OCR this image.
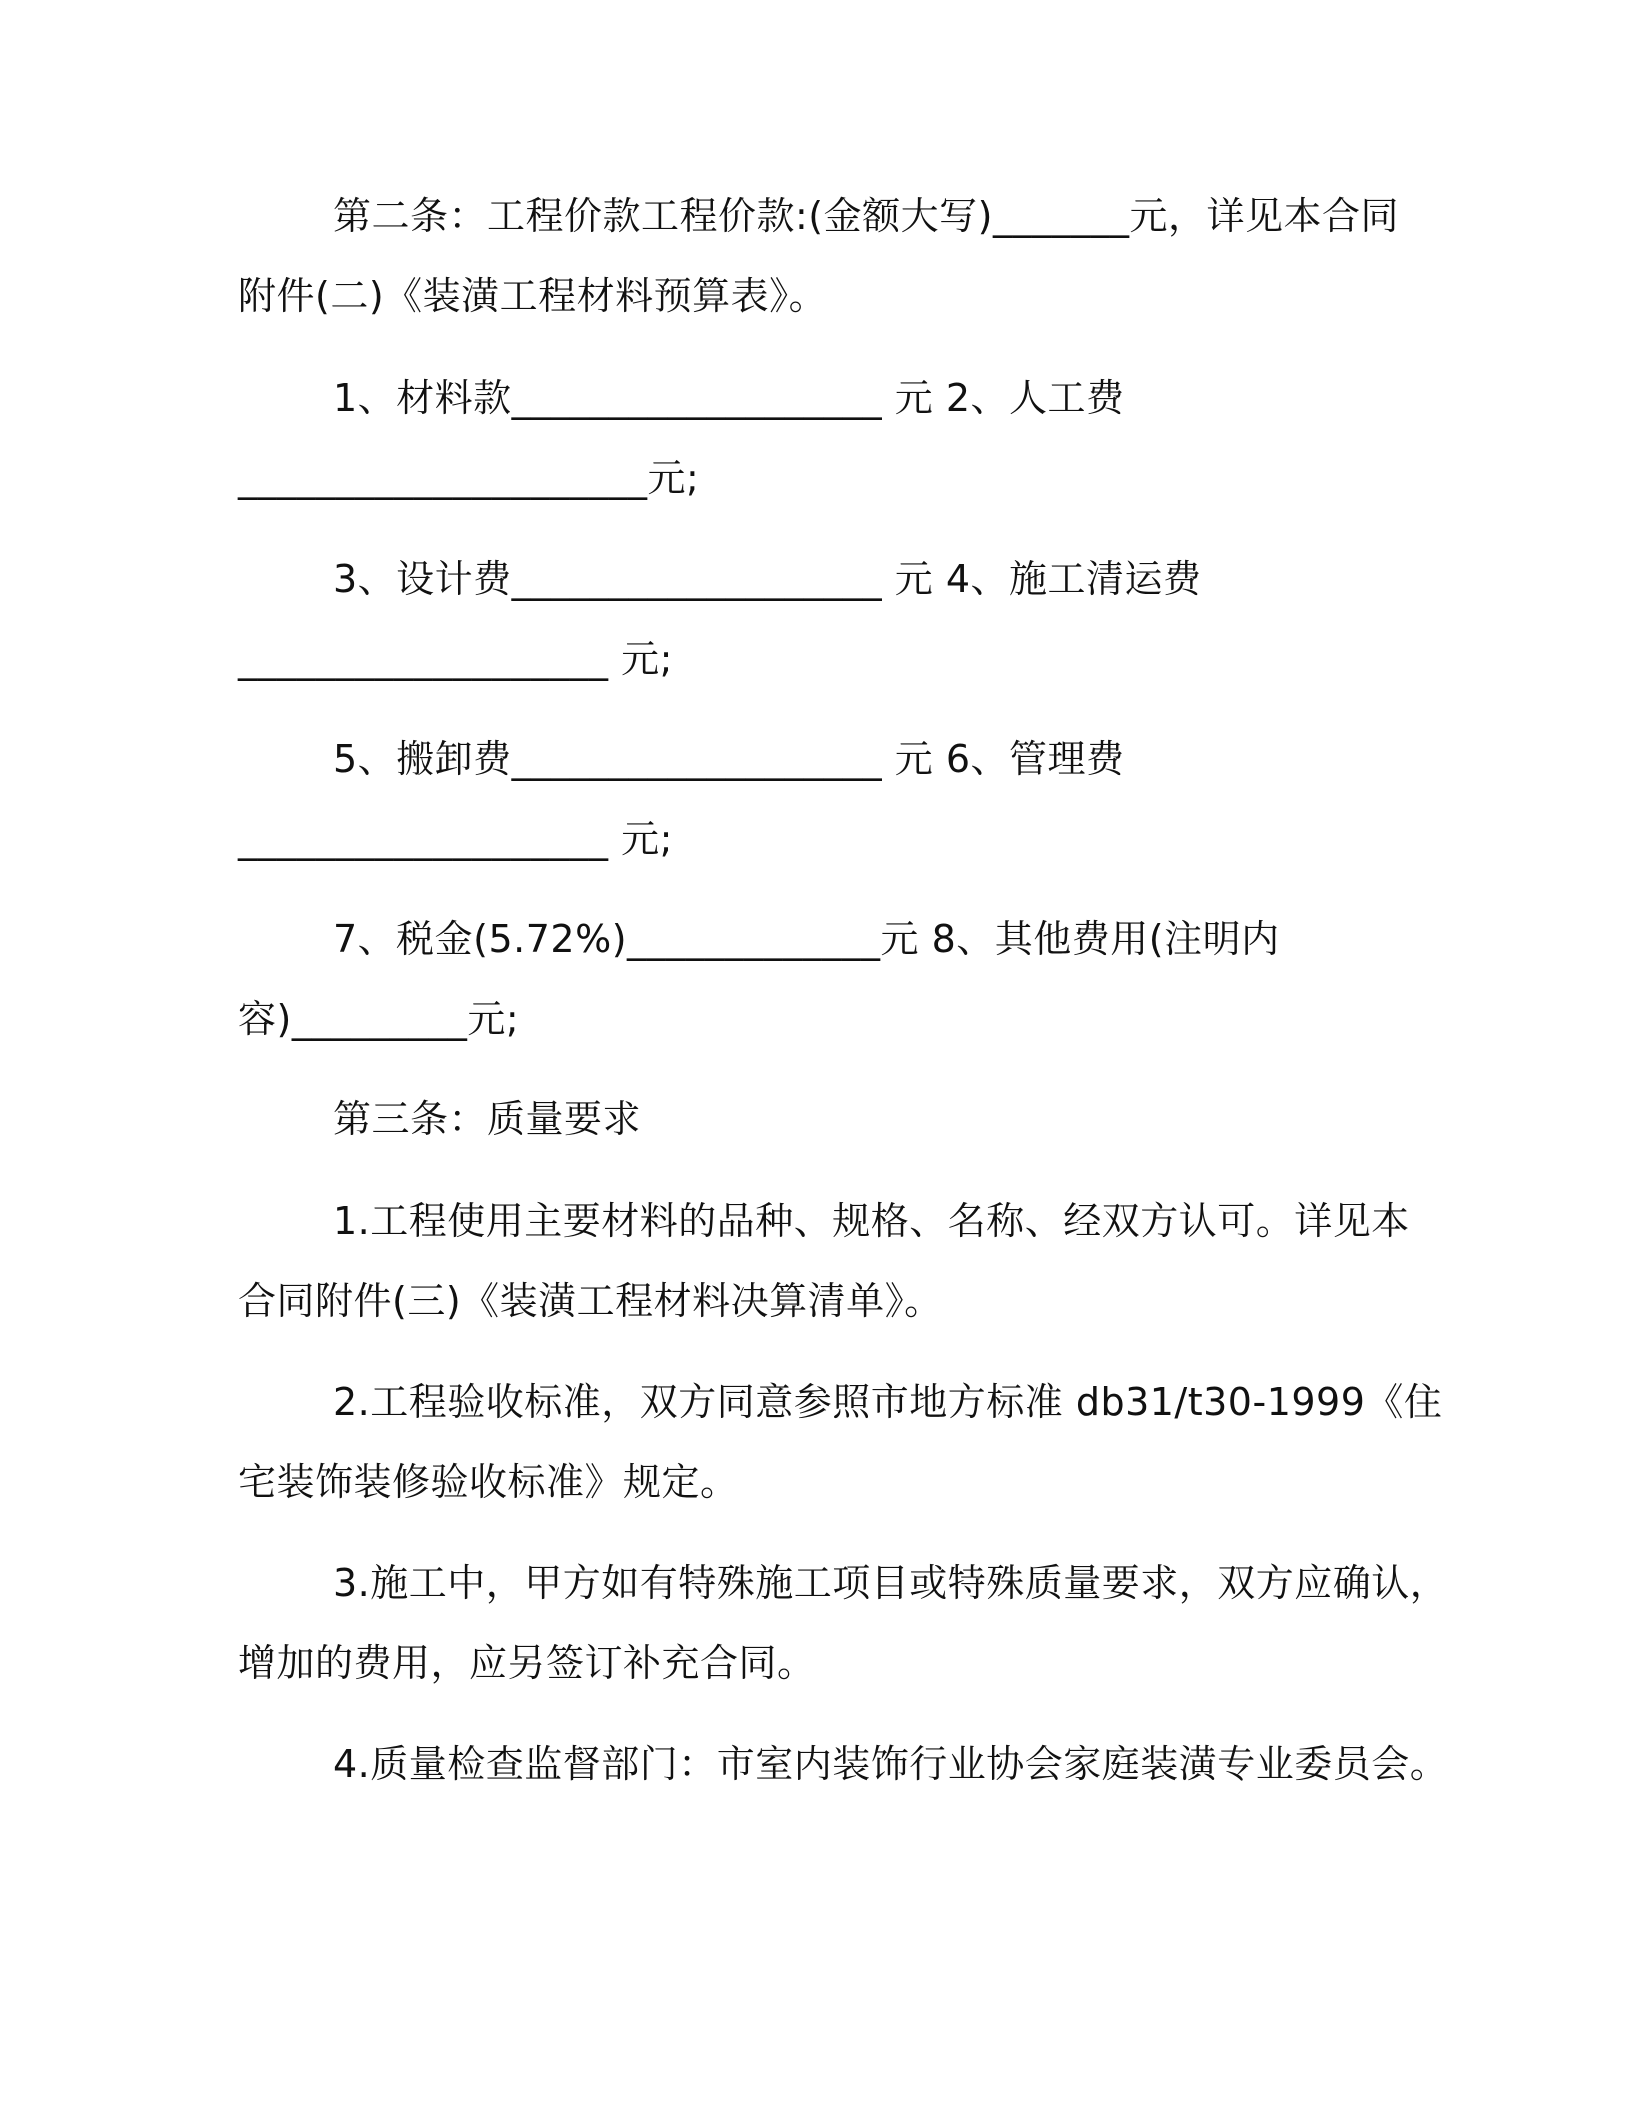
第二条：工程价款工程价款:(金额大写)_______元，详见本合同
附件(二)《装潢工程材料预算表》。
1、材料款___________________ 元 2、人工费
_____________________元;
3、设计费___________________ 元 4、施工清运费
___________________ 元;
5、搬卸费___________________ 元 6、管理费
___________________ 元;
7、税金(5.72%)_____________元 8、其他费用(注明内
容)_________元;
第三条：质量要求
1.工程使用主要材料的品种、规格、名称、经双方认可。详见本
合同附件(三)《装潢工程材料决算清单》。
2.工程验收标准，双方同意参照市地方标准 db31/t30-1999《住
宅装饰装修验收标准》规定。
3.施工中，甲方如有特殊施工项目或特殊质量要求，双方应确认，
增加的费用，应另签订补充合同。
4.质量检查监督部门：市室内装饰行业协会家庭装潢专业委员会。
